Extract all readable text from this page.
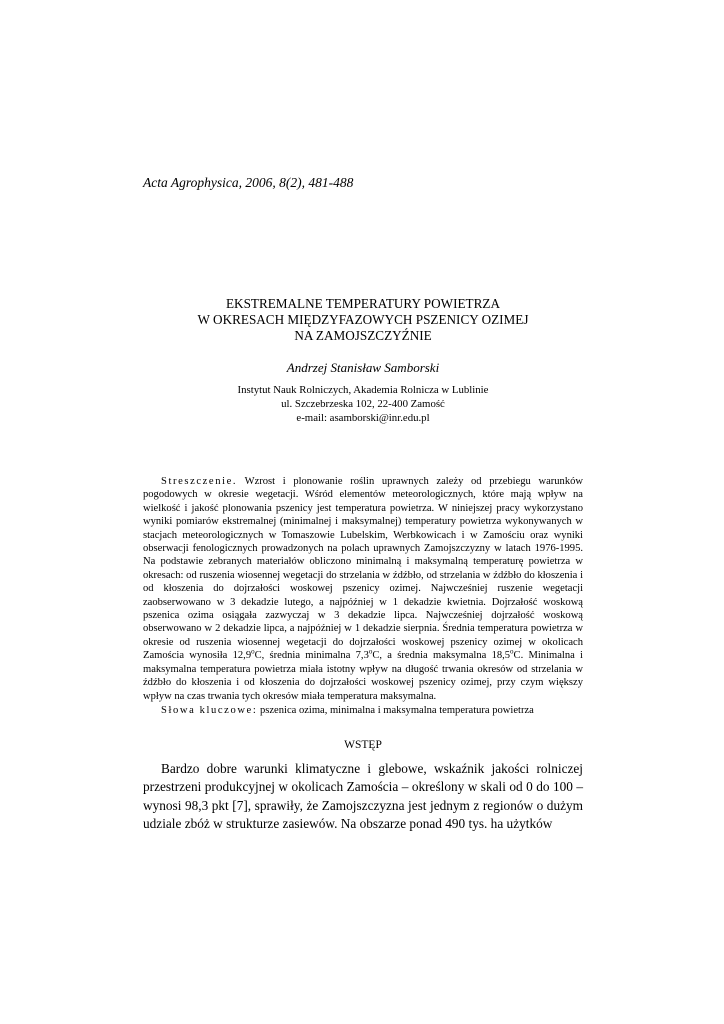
Acta Agrophysica, 2006, 8(2), 481-488
EKSTREMALNE TEMPERATURY POWIETRZA
W OKRESACH MIĘDZYFAZOWYCH PSZENICY OZIMEJ
NA ZAMOJSZCZYŹNIE
Andrzej Stanisław Samborski
Instytut Nauk Rolniczych, Akademia Rolnicza w Lublinie
ul. Szczebrzeska 102, 22-400 Zamość
e-mail: asamborski@inr.edu.pl

Streszczenie. Wzrost i plonowanie roślin uprawnych zależy od przebiegu warunków pogodowych w okresie wegetacji. Wśród elementów meteorologicznych, które mają wpływ na wielkość i jakość plonowania pszenicy jest temperatura powietrza. W niniejszej pracy wykorzystano wyniki pomiarów ekstremalnej (minimalnej i maksymalnej) temperatury powietrza wykonywanych w stacjach meteorologicznych w Tomaszowie Lubelskim, Werbkowicach i w Zamościu oraz wyniki obserwacji fenologicznych prowadzonych na polach uprawnych Zamojszczyzny w latach 1976-1995. Na podstawie zebranych materiałów obliczono minimalną i maksymalną temperaturę powietrza w okresach: od ruszenia wiosennej wegetacji do strzelania w źdźbło, od strzelania w źdźbło do kłoszenia i od kłoszenia do dojrzałości woskowej pszenicy ozimej. Najwcześniej ruszenie wegetacji zaobserwowano w 3 dekadzie lutego, a najpóźniej w 1 dekadzie kwietnia. Dojrzałość woskową pszenica ozima osiągała zazwyczaj w 3 dekadzie lipca. Najwcześniej dojrzałość woskową obserwowano w 2 dekadzie lipca, a najpóźniej w 1 dekadzie sierpnia. Średnia temperatura powietrza w okresie od ruszenia wiosennej wegetacji do dojrzałości woskowej pszenicy ozimej w okolicach Zamościa wynosiła 12,9$^o$C, średnia minimalna 7,3$^o$C, a średnia maksymalna 18,5$^o$C. Minimalna i maksymalna temperatura powietrza miała istotny wpływ na długość trwania okresów od strzelania w źdźbło do kłoszenia i od kłoszenia do dojrzałości woskowej pszenicy ozimej, przy czym większy wpływ na czas trwania tych okresów miała temperatura maksymalna.

Słowa kluczowe: pszenica ozima, minimalna i maksymalna temperatura powietrza

WSTĘP

Bardzo dobre warunki klimatyczne i glebowe, wskaźnik jakości rolniczej przestrzeni produkcyjnej w okolicach Zamościa – określony w skali od 0 do 100 – wynosi 98,3 pkt [7], sprawiły, że Zamojszczyzna jest jednym z regionów o dużym udziale zbóż w strukturze zasiewów. Na obszarze ponad 490 tys. ha użytków
